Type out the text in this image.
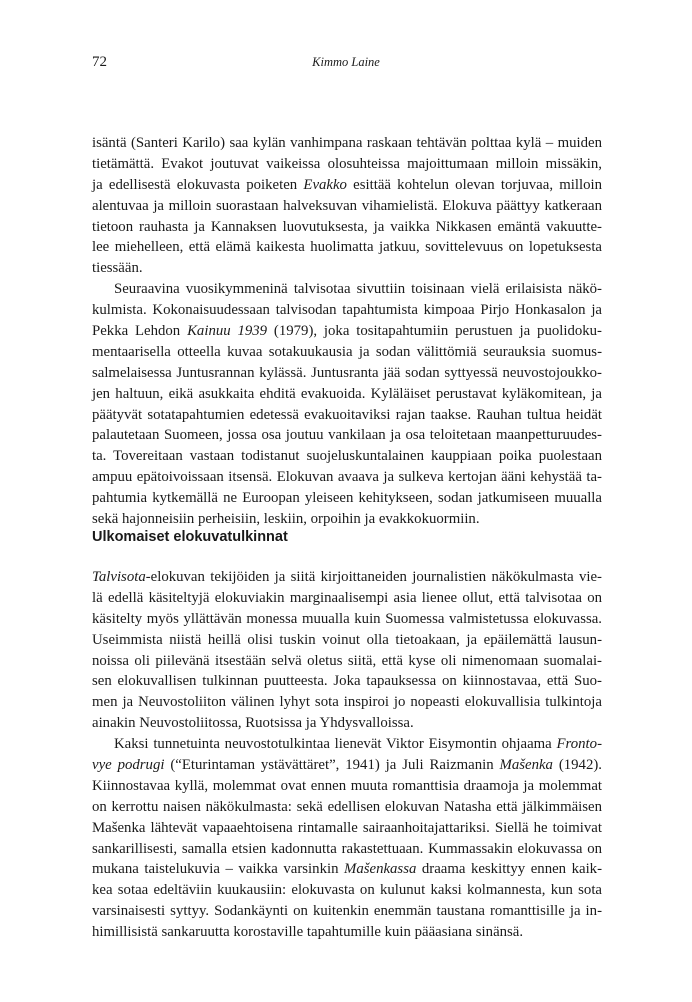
72	Kimmo Laine
isäntä (Santeri Karilo) saa kylän vanhimpana raskaan tehtävän polttaa kylä – muiden
tietämättä. Evakot joutuvat vaikeissa olosuhteissa majoittumaan milloin missäkin,
ja edellisestä elokuvasta poiketen Evakko esittää kohtelun olevan torjuvaa, milloin
alentuvaa ja milloin suorastaan halveksuvan vihamielistä. Elokuva päättyy katkeraan
tietoon rauhasta ja Kannaksen luovutuksesta, ja vaikka Nikkasen emäntä vakuutte-
lee miehelleen, että elämä kaikesta huolimatta jatkuu, sovittelevuus on lopetuksesta
tiessään.
Seuraavina vuosikymmeninä talvisotaa sivuttiin toisinaan vielä erilaisista näkö-
kulmista. Kokonaisuudessaan talvisodan tapahtumista kimpoaa Pirjo Honkasalon ja
Pekka Lehdon Kainuu 1939 (1979), joka tositapahtumiin perustuen ja puolidoku-
mentaarisella otteella kuvaa sotakuukausia ja sodan välittömiä seurauksia suomus-
salmelaisessa Juntusrannan kylässä. Juntusranta jää sodan syttyessä neuvostojoukko-
jen haltuun, eikä asukkaita ehditä evakuoida. Kyläläiset perustavat kyläkomitean, ja
päätyvät sotatapahtumien edetessä evakuoitaviksi rajan taakse. Rauhan tultua heidät
palautetaan Suomeen, jossa osa joutuu vankilaan ja osa teloitetaan maanpetturuudes-
ta. Tovereitaan vastaan todistanut suojeluskuntalainen kauppiaan poika puolestaan
ampuu epätoivoissaan itsensä. Elokuvan avaava ja sulkeva kertojan ääni kehystää ta-
pahtumia kytkemällä ne Euroopan yleiseen kehitykseen, sodan jatkumiseen muualla
sekä hajonneisiin perheisiin, leskiin, orpoihin ja evakkokuormiin.
Ulkomaiset elokuvatulkinnat
Talvisota-elokuvan tekijöiden ja siitä kirjoittaneiden journalistien näkökulmasta vie-
lä edellä käsiteltyjä elokuviakin marginaalisempi asia lienee ollut, että talvisotaa on
käsitelty myös yllättävän monessa muualla kuin Suomessa valmistetussa elokuvassa.
Useimmista niistä heillä olisi tuskin voinut olla tietoakaan, ja epäilemättä lausun-
noissa oli piilevänä itsestään selvä oletus siitä, että kyse oli nimenomaan suomalai-
sen elokuvallisen tulkinnan puutteesta. Joka tapauksessa on kiinnostavaa, että Suo-
men ja Neuvostoliiton välinen lyhyt sota inspiroi jo nopeasti elokuvallisia tulkintoja
ainakin Neuvostoliitossa, Ruotsissa ja Yhdysvalloissa.
Kaksi tunnetuinta neuvostotulkintaa lienevät Viktor Eisymontin ohjaama Fronto-
vye podrugi (“Eturintaman ystävättäret”, 1941) ja Juli Raizmanin Mašenka (1942).
Kiinnostavaa kyllä, molemmat ovat ennen muuta romanttisia draamoja ja molemmat
on kerrottu naisen näkökulmasta: sekä edellisen elokuvan Natasha että jälkimmäisen
Mašenka lähtevät vapaaehtoisena rintamalle sairaanhoitajattariksi. Siellä he toimivat
sankarillisesti, samalla etsien kadonnutta rakastettuaan. Kummassakin elokuvassa on
mukana taistelukuvia – vaikka varsinkin Mašenkassa draama keskittyy ennen kaik-
kea sotaa edeltäviin kuukausiin: elokuvasta on kulunut kaksi kolmannesta, kun sota
varsinaisesti syttyy. Sodankäynti on kuitenkin enemmän taustana romanttisille ja in-
himillisistä sankaruutta korostaville tapahtumille kuin pääasiana sinänsä.
